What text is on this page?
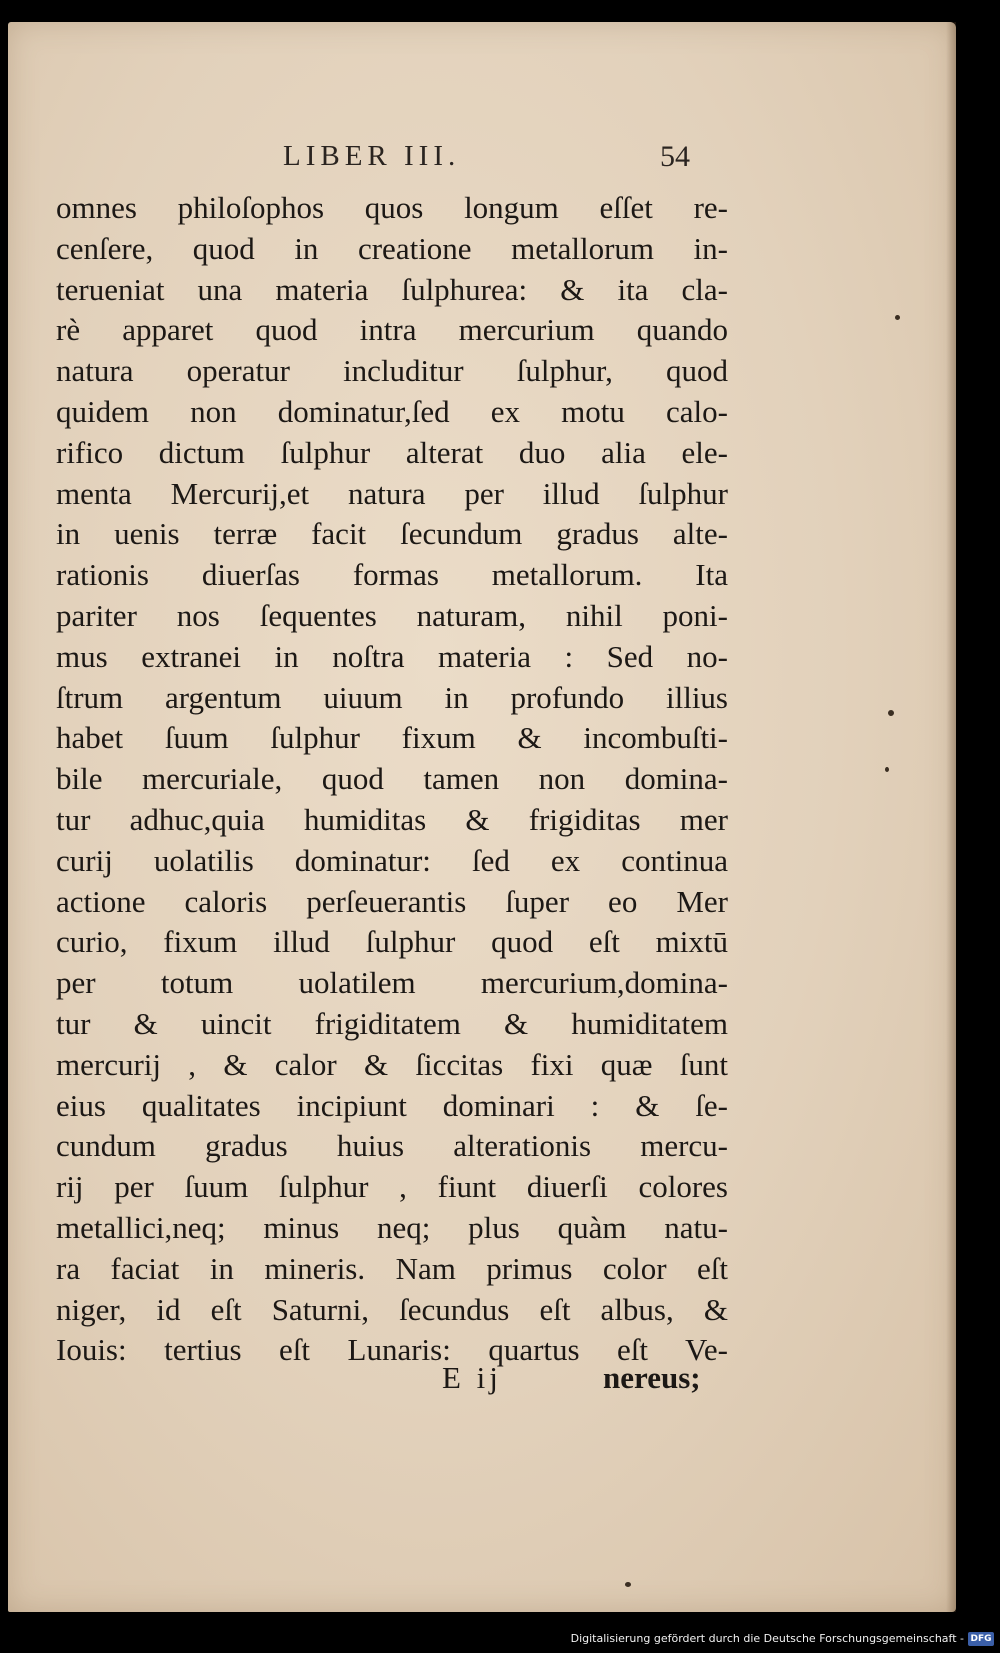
LIBER III.	54
omnes philoſophos quos longum eſſet re-
cenſere, quod in creatione metallorum in-
terueniat una materia ſulphurea: & ita cla-
rè apparet quod intra mercurium quando
natura operatur includitur ſulphur, quod
quidem non dominatur,ſed ex motu calo-
rifico dictum ſulphur alterat duo alia ele-
menta Mercurij,et natura per illud ſulphur
in uenis terræ facit ſecundum gradus alte-
rationis diuerſas formas metallorum. Ita
pariter nos ſequentes naturam, nihil poni-
mus extranei in noſtra materia : Sed no-
ſtrum argentum uiuum in profundo illius
habet ſuum ſulphur fixum & incombuſti-
bile mercuriale, quod tamen non domina-
tur adhuc,quia humiditas & frigiditas mer
curij uolatilis dominatur: ſed ex continua
actione caloris perſeuerantis ſuper eo Mer
curio, fixum illud ſulphur quod eſt mixtū
per totum uolatilem mercurium,domina-
tur & uincit frigiditatem & humiditatem
mercurij , & calor & ſiccitas fixi quæ ſunt
eius qualitates incipiunt dominari : & ſe-
cundum gradus huius alterationis mercu-
rij per ſuum ſulphur , fiunt diuerſi colores
metallici,neq; minus neq; plus quàm natu-
ra faciat in mineris. Nam primus color eſt
niger, id eſt Saturni, ſecundus eſt albus, &
Iouis: tertius eſt Lunaris: quartus eſt Ve-
E ij	nereus;
Digitalisierung gefördert durch die Deutsche Forschungsgemeinschaft - DFG
